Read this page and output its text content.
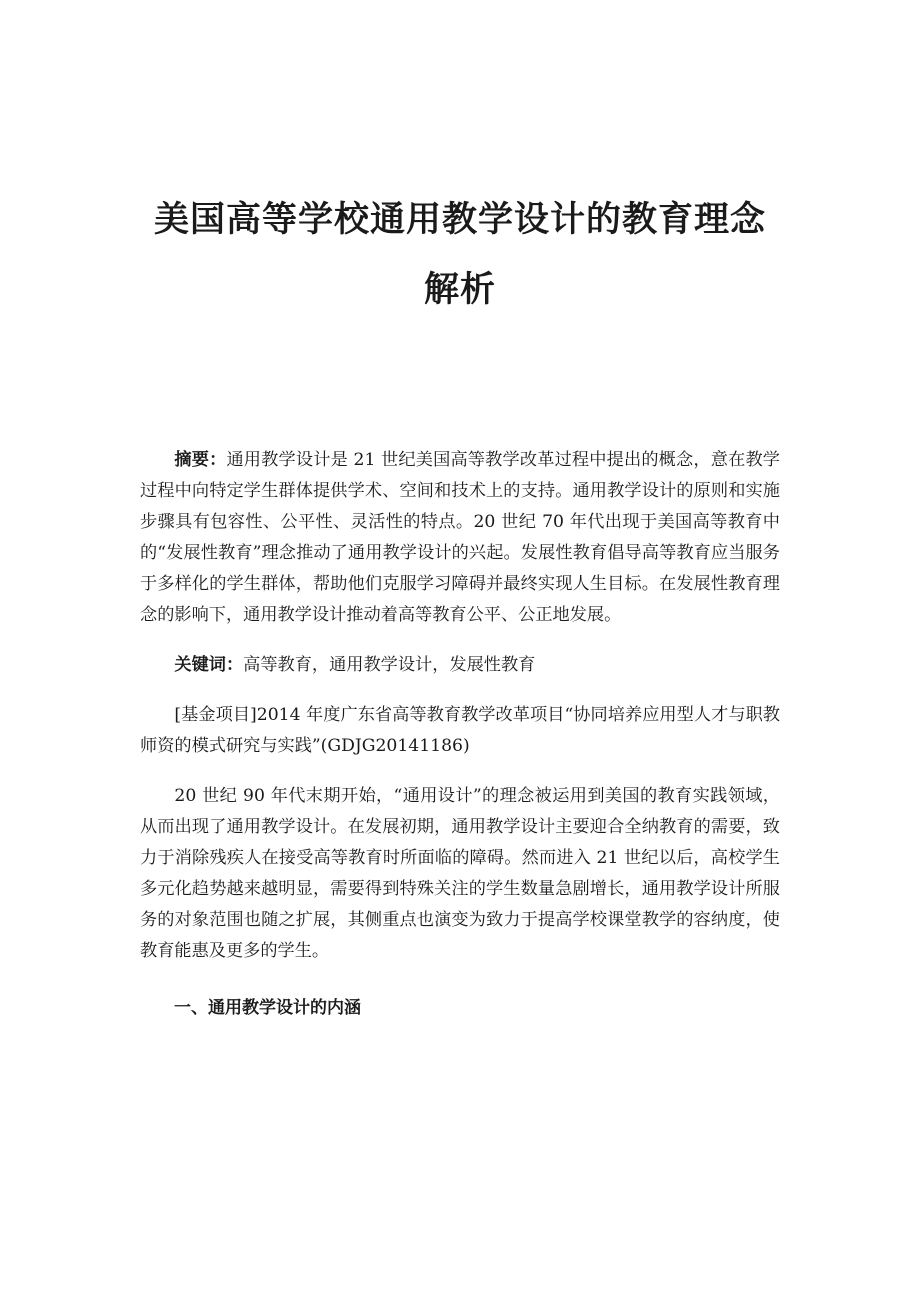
美国高等学校通用教学设计的教育理念
解析

摘要：通用教学设计是 21 世纪美国高等教学改革过程中提出的概念，意在教学过程中向特定学生群体提供学术、空间和技术上的支持。通用教学设计的原则和实施步骤具有包容性、公平性、灵活性的特点。20 世纪 70 年代出现于美国高等教育中的“发展性教育”理念推动了通用教学设计的兴起。发展性教育倡导高等教育应当服务于多样化的学生群体，帮助他们克服学习障碍并最终实现人生目标。在发展性教育理念的影响下，通用教学设计推动着高等教育公平、公正地发展。

关键词：高等教育，通用教学设计，发展性教育

[基金项目]2014 年度广东省高等教育教学改革项目“协同培养应用型人才与职教师资的模式研究与实践”(GDJG20141186)

20 世纪 90 年代末期开始，“通用设计”的理念被运用到美国的教育实践领域，从而出现了通用教学设计。在发展初期，通用教学设计主要迎合全纳教育的需要，致力于消除残疾人在接受高等教育时所面临的障碍。然而进入 21 世纪以后，高校学生多元化趋势越来越明显，需要得到特殊关注的学生数量急剧增长，通用教学设计所服务的对象范围也随之扩展，其侧重点也演变为致力于提高学校课堂教学的容纳度，使教育能惠及更多的学生。

一、通用教学设计的内涵
